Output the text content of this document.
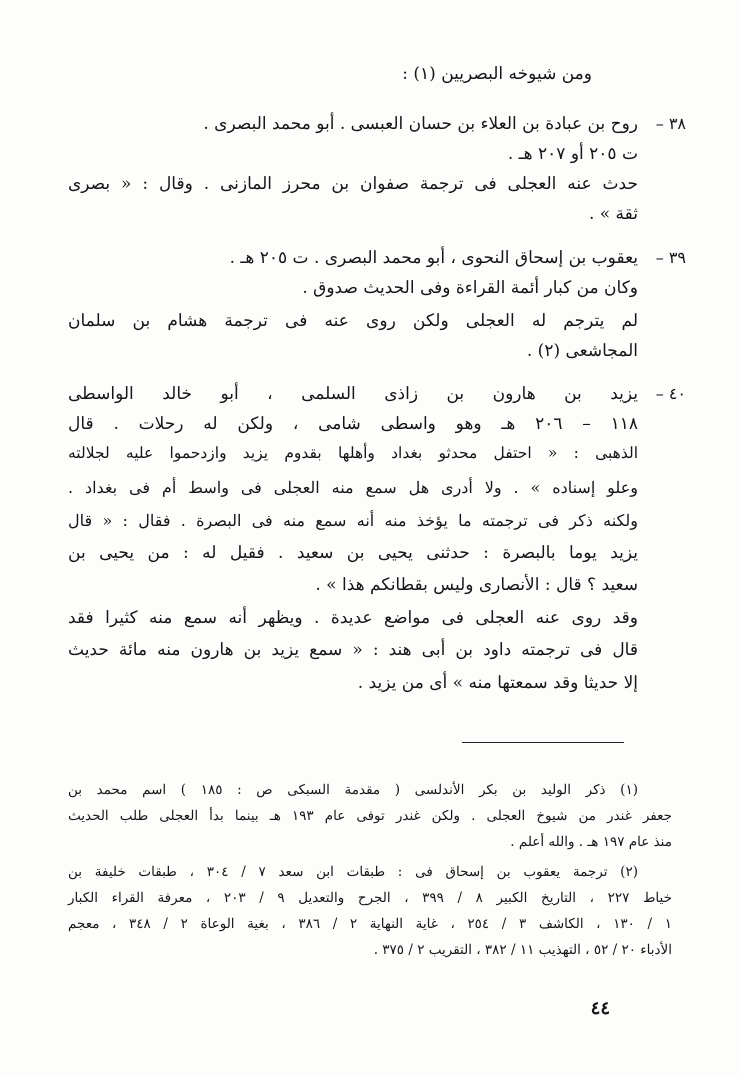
ومن شيوخه البصريين (١) :
٣٨ –
روح بن عبادة بن العلاء بن حسان العبسى . أبو محمد البصرى .
ت ٢٠٥ أو ٢٠٧ هـ .
حدث عنه العجلى فى ترجمة صفوان بن محرز المازنى . وقال : « بصرى
ثقة » .
٣٩ –
يعقوب بن إسحاق النحوى ، أبو محمد البصرى . ت ٢٠٥ هـ .
وكان من كبار أئمة القراءة وفى الحديث صدوق .
لم يترجم له العجلى ولكن روى عنه فى ترجمة هشام بن سلمان
المجاشعى (٢) .
٤٠ –
يزيد بن هارون بن زاذى السلمى ، أبو خالد الواسطى
١١٨ – ٢٠٦ هـ وهو واسطى شامى ، ولكن له رحلات . قال
الذهبى : « احتفل محدثو بغداد وأهلها بقدوم يزيد وازدحموا عليه لجلالته
وعلو إسناده » . ولا أدرى هل سمع منه العجلى فى واسط أم فى بغداد .
ولكنه ذكر فى ترجمته ما يؤخذ منه أنه سمع منه فى البصرة . فقال : « قال
يزيد يوما بالبصرة : حدثنى يحيى بن سعيد . فقيل له : من يحيى بن
سعيد ؟ قال : الأنصارى وليس بقطانكم هذا » .
وقد روى عنه العجلى فى مواضع عديدة . ويظهر أنه سمع منه كثيرا فقد
قال فى ترجمته داود بن أبى هند : « سمع يزيد بن هارون منه مائة حديث
إلا حديثا وقد سمعتها منه » أى من يزيد .
(١) ذكر الوليد بن بكر الأندلسى ( مقدمة السبكى ص : ١٨٥ ) اسم محمد بن
جعفر غندر من شيوخ العجلى . ولكن غندر توفى عام ١٩٣ هـ بينما بدأ العجلى طلب الحديث
منذ عام ١٩٧ هـ . والله أعلم .
(٢) ترجمة يعقوب بن إسحاق فى : طبقات ابن سعد ٧ / ٣٠٤ ، طبقات خليفة بن
خياط ٢٢٧ ، التاريخ الكبير ٨ / ٣٩٩ ، الجرح والتعديل ٩ / ٢٠٣ ، معرفة القراء الكبار
١ / ١٣٠ ، الكاشف ٣ / ٢٥٤ ، غاية النهاية ٢ / ٣٨٦ ، بغية الوعاة ٢ / ٣٤٨ ، معجم
الأدباء ٢٠ / ٥٢ ، التهذيب ١١ / ٣٨٢ ، التقريب ٢ / ٣٧٥ .
٤٤
